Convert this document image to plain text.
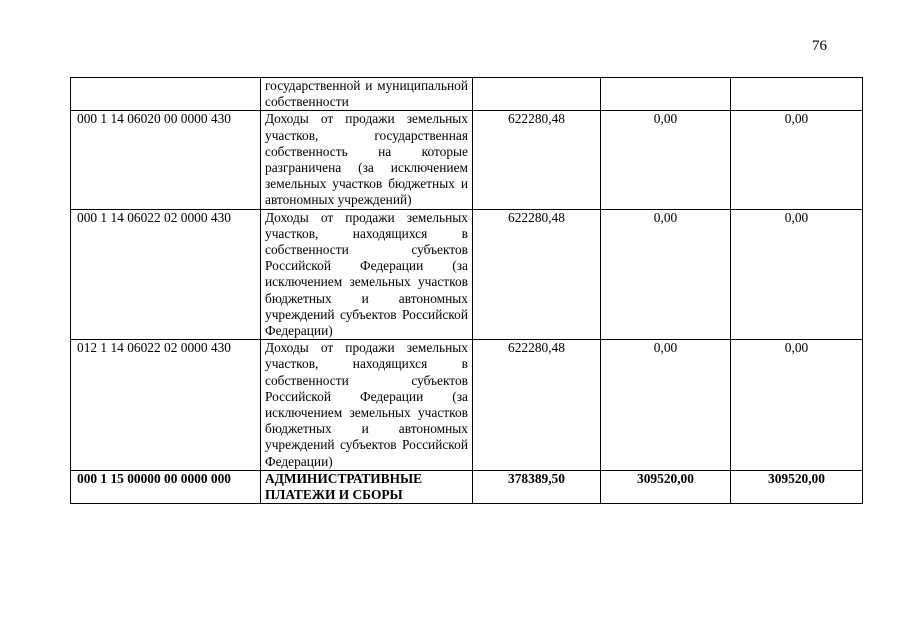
76
	государственной и муниципальной собственности			
000 1 14 06020 00 0000 430	Доходы от продажи земельных участков, государственная собственность на которые разграничена (за исключением земельных участков бюджетных и автономных учреждений)	622280,48	0,00	0,00
000 1 14 06022 02 0000 430	Доходы от продажи земельных участков, находящихся в собственности субъектов Российской Федерации (за исключением земельных участков бюджетных и автономных учреждений субъектов Российской Федерации)	622280,48	0,00	0,00
012 1 14 06022 02 0000 430	Доходы от продажи земельных участков, находящихся в собственности субъектов Российской Федерации (за исключением земельных участков бюджетных и автономных учреждений субъектов Российской Федерации)	622280,48	0,00	0,00
000 1 15 00000 00 0000 000	АДМИНИСТРАТИВНЫЕ ПЛАТЕЖИ И СБОРЫ	378389,50	309520,00	309520,00
